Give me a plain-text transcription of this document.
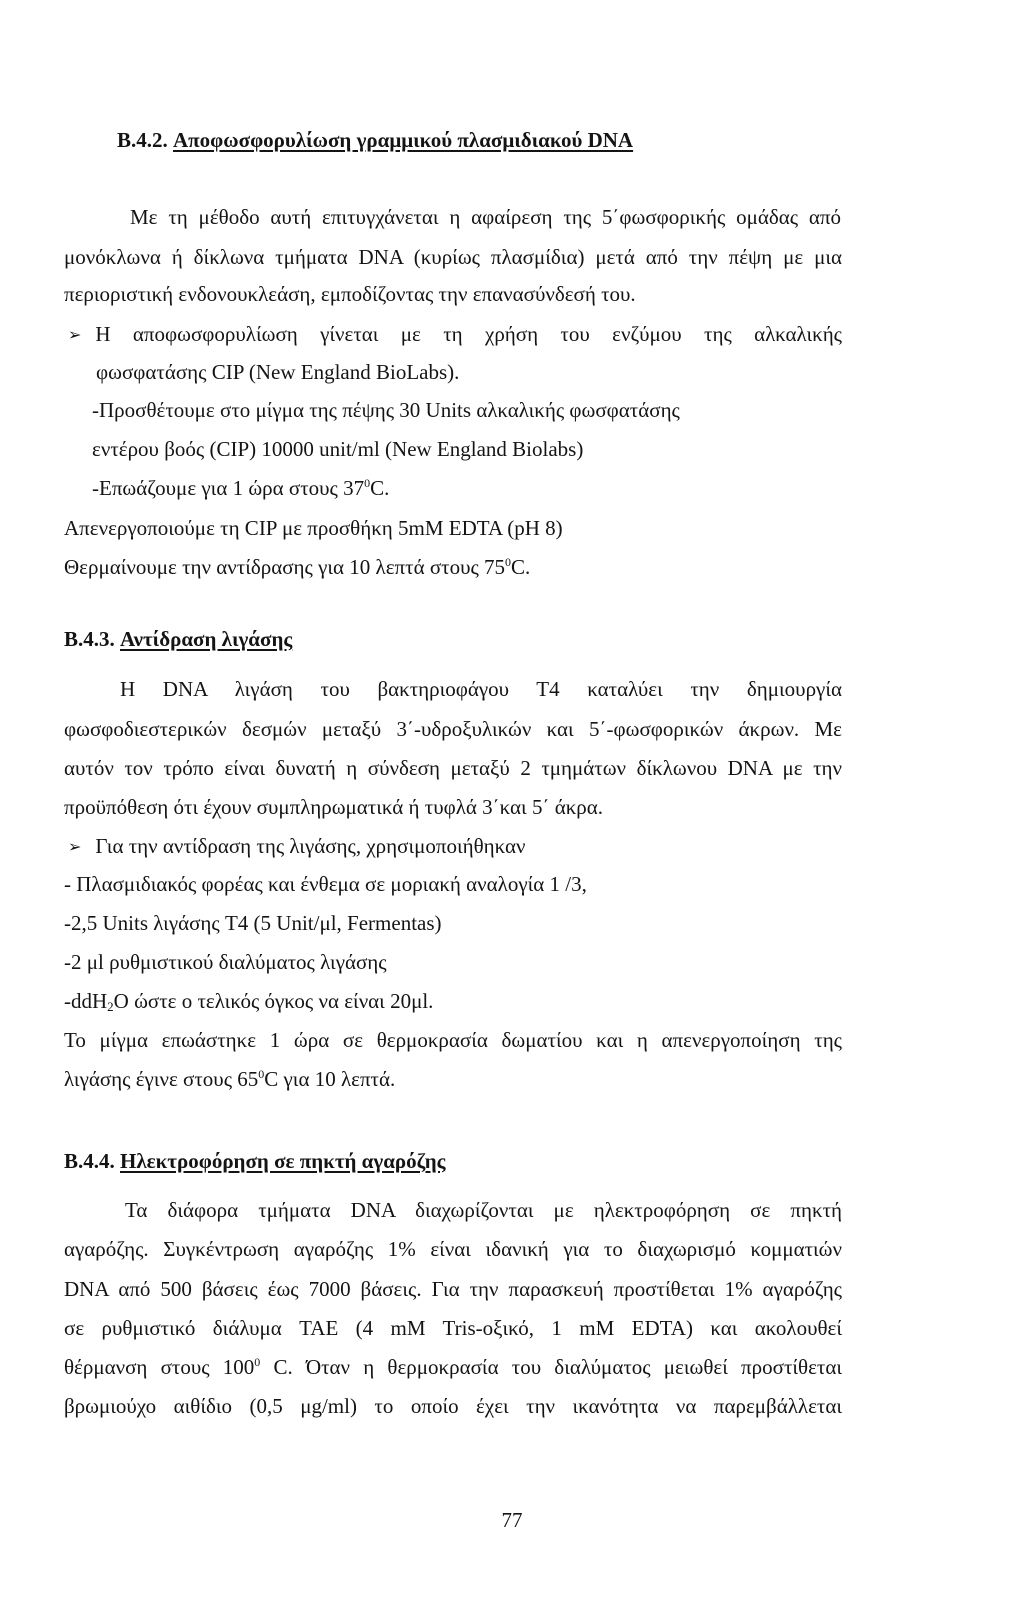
B.4.2. Αποφωσφορυλίωση γραμμικού πλασμιδιακού DNA
Με τη μέθοδο αυτή επιτυγχάνεται η αφαίρεση της 5΄φωσφορικής ομάδας από
μονόκλωνα ή δίκλωνα τμήματα DNA (κυρίως πλασμίδια) μετά από την πέψη με μια
περιοριστική ενδονουκλεάση, εμποδίζοντας την επανασύνδεσή του.
➢ Η αποφωσφορυλίωση γίνεται με τη χρήση του ενζύμου της αλκαλικής
φωσφατάσης CIP (New England BioLabs).
-Προσθέτουμε στο μίγμα της πέψης 30 Units αλκαλικής φωσφατάσης
εντέρου βοός (CIP) 10000 unit/ml (New England Biolabs)
-Επωάζουμε για 1 ώρα στους $37^0C$.
Απενεργοποιούμε τη CIP με προσθήκη 5mM EDTA (pH 8)
Θερμαίνουμε την αντίδρασης για 10 λεπτά στους $75^0C$.
B.4.3. Αντίδραση λιγάσης
Η DNA λιγάση του βακτηριοφάγου Τ4 καταλύει την δημιουργία
φωσφοδιεστερικών δεσμών μεταξύ 3΄-υδροξυλικών και 5΄-φωσφορικών άκρων. Με
αυτόν τον τρόπο είναι δυνατή η σύνδεση μεταξύ 2 τμημάτων δίκλωνου DNA με την
προϋπόθεση ότι έχουν συμπληρωματικά ή τυφλά 3΄και 5΄ άκρα.
➢ Για την αντίδραση της λιγάσης, χρησιμοποιήθηκαν
- Πλασμιδιακός φορέας και ένθεμα σε μοριακή αναλογία 1 /3,
-2,5 Units λιγάσης T4 (5 Unit/μl, Fermentas)
-2 μl ρυθμιστικού διαλύματος λιγάσης
-ddH$_2$O ώστε ο τελικός όγκος να είναι 20μl.
Το μίγμα επωάστηκε 1 ώρα σε θερμοκρασία δωματίου και η απενεργοποίηση της
λιγάσης έγινε στους $65^0C$ για 10 λεπτά.
B.4.4. Ηλεκτροφόρηση σε πηκτή αγαρόζης
Τα διάφορα τμήματα DNA διαχωρίζονται με ηλεκτροφόρηση σε πηκτή
αγαρόζης. Συγκέντρωση αγαρόζης 1% είναι ιδανική για το διαχωρισμό κομματιών
DNA από 500 βάσεις έως 7000 βάσεις. Για την παρασκευή προστίθεται 1% αγαρόζης
σε ρυθμιστικό διάλυμα TAE (4 mM Tris-οξικό, 1 mM EDTA) και ακολουθεί
θέρμανση στους $100^0$ C. Όταν η θερμοκρασία του διαλύματος μειωθεί προστίθεται
βρωμιούχο αιθίδιο (0,5 μg/ml) το οποίο έχει την ικανότητα να παρεμβάλλεται
77
